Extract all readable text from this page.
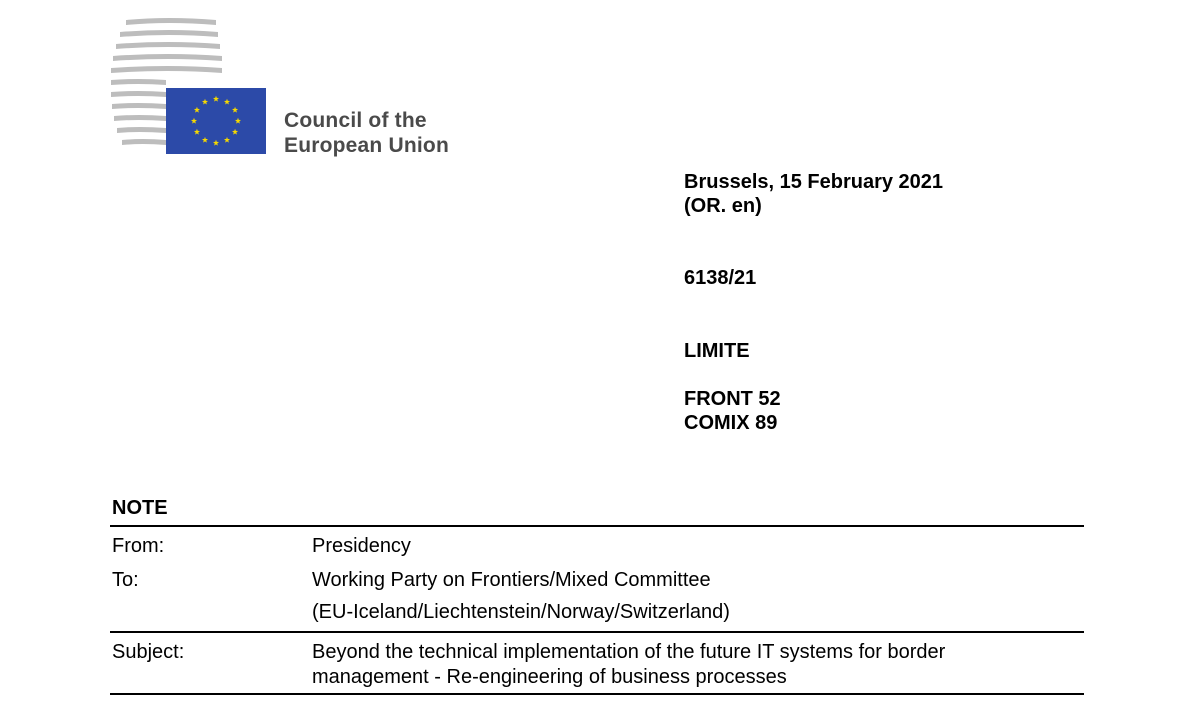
Council of the
European Union
Brussels, 15 February 2021
(OR. en)
6138/21
LIMITE
FRONT 52
COMIX 89
NOTE
From:	Presidency
To:	Working Party on Frontiers/Mixed Committee
(EU-Iceland/Liechtenstein/Norway/Switzerland)
Subject:	Beyond the technical implementation of the future IT systems for border
management - Re-engineering of business processes
